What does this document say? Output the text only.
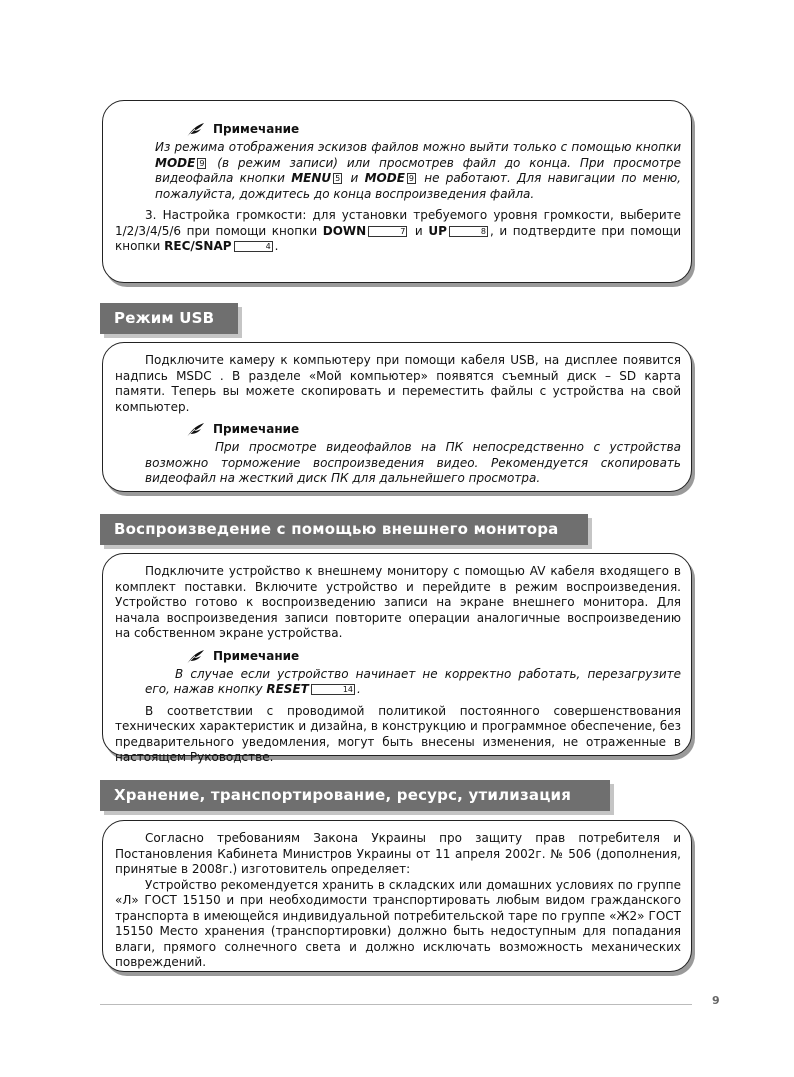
Примечание

Из режима отображения эскизов файлов можно выйти только с помощью кнопки MODE 9 (в режим записи) или просмотрев файл до конца. При просмотре видеофайла кнопки MENU 5 и MODE 9 не работают. Для навигации по меню, пожалуйста, дождитесь до конца воспроизведения файла.

3. Настройка громкости: для установки требуемого уровня громкости, выберите 1/2/3/4/5/6 при помощи кнопки DOWN	7 и UP	8 , и подтвердите при помощи кнопки REC/SNAP	4 .

Режим USB

Подключите камеру к компьютеру при помощи кабеля USB, на дисплее появится надпись MSDC . В разделе «Мой компьютер» появятся съемный диск – SD карта памяти. Теперь вы можете скопировать и переместить файлы с устройства на свой компьютер.

Примечание

При просмотре видеофайлов на ПК непосредственно с устройства возможно торможение воспроизведения видео. Рекомендуется скопировать видеофайл на жесткий диск ПК для дальнейшего просмотра.

Воспроизведение с помощью внешнего монитора

Подключите устройство к внешнему монитору с помощью AV кабеля входящего в комплект поставки. Включите устройство и перейдите в режим воспроизведения. Устройство готово к воспроизведению записи на экране внешнего монитора. Для начала воспроизведения записи повторите операции аналогичные воспроизведению на собственном экране устройства.

Примечание

В случае если устройство начинает не корректно работать, перезагрузите его, нажав кнопку RESET	14 .

В соответствии с проводимой политикой постоянного совершенствования технических характеристик и дизайна, в конструкцию и программное обеспечение, без предварительного уведомления, могут быть внесены изменения, не отраженные в настоящем Руководстве.

Хранение, транспортирование, ресурс, утилизация

Согласно требованиям Закона Украины про защиту прав потребителя и Постановления Кабинета Министров Украины от 11 апреля 2002г. № 506 (дополнения, принятые в 2008г.) изготовитель определяет:

Устройство рекомендуется хранить в складских или домашних условиях по группе «Л» ГОСТ 15150 и при необходимости транспортировать любым видом гражданского транспорта в имеющейся индивидуальной потребительской таре по группе «Ж2» ГОСТ 15150 Место хранения (транспортировки) должно быть недоступным для попадания влаги, прямого солнечного света и должно исключать возможность механических повреждений.

9
